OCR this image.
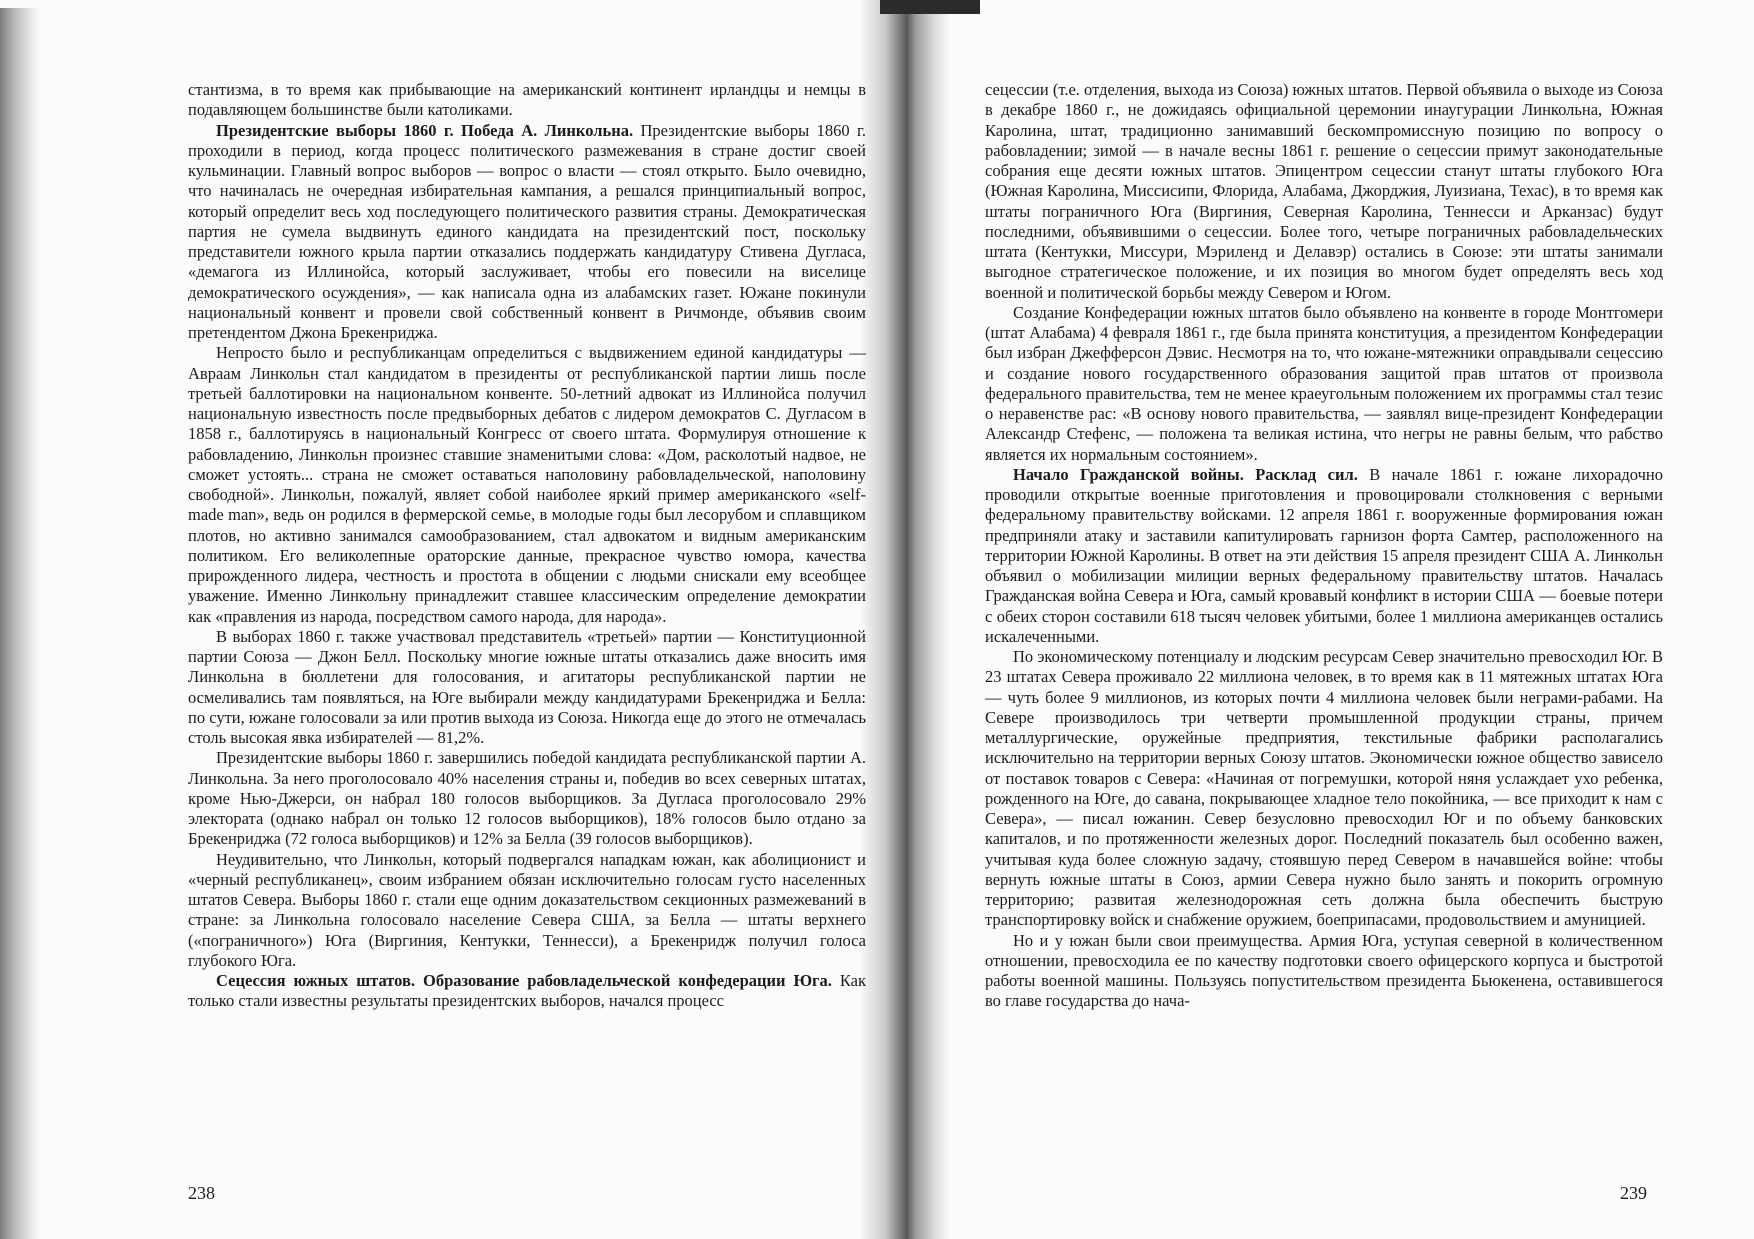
стантизма, в то время как прибывающие на американский континент ирландцы и немцы в подавляющем большинстве были католиками.

Президентские выборы 1860 г. Победа А. Линкольна. Президентские выборы 1860 г. проходили в период, когда процесс политического размежевания в стране достиг своей кульминации. Главный вопрос выборов — вопрос о власти — стоял открыто. Было очевидно, что начиналась не очередная избирательная кампания, а решался принципиальный вопрос, который определит весь ход последующего политического развития страны. Демократическая партия не сумела выдвинуть единого кандидата на президентский пост, поскольку представители южного крыла партии отказались поддержать кандидатуру Стивена Дугласа, «демагога из Иллинойса, который заслуживает, чтобы его повесили на виселице демократического осуждения», — как написала одна из алабамских газет. Южане покинули национальный конвент и провели свой собственный конвент в Ричмонде, объявив своим претендентом Джона Брекенриджа.

Непросто было и республиканцам определиться с выдвижением единой кандидатуры — Авраам Линкольн стал кандидатом в президенты от республиканской партии лишь после третьей баллотировки на национальном конвенте. 50-летний адвокат из Иллинойса получил национальную известность после предвыборных дебатов с лидером демократов С. Дугласом в 1858 г., баллотируясь в национальный Конгресс от своего штата. Формулируя отношение к рабовладению, Линкольн произнес ставшие знаменитыми слова: «Дом, расколотый надвое, не сможет устоять... страна не сможет оставаться наполовину рабовладельческой, наполовину свободной». Линкольн, пожалуй, являет собой наиболее яркий пример американского «self-made man», ведь он родился в фермерской семье, в молодые годы был лесорубом и сплавщиком плотов, но активно занимался самообразованием, стал адвокатом и видным американским политиком. Его великолепные ораторские данные, прекрасное чувство юмора, качества прирожденного лидера, честность и простота в общении с людьми снискали ему всеобщее уважение. Именно Линкольну принадлежит ставшее классическим определение демократии как «правления из народа, посредством самого народа, для народа».

В выборах 1860 г. также участвовал представитель «третьей» партии — Конституционной партии Союза — Джон Белл. Поскольку многие южные штаты отказались даже вносить имя Линкольна в бюллетени для голосования, и агитаторы республиканской партии не осмеливались там появляться, на Юге выбирали между кандидатурами Брекенриджа и Белла: по сути, южане голосовали за или против выхода из Союза. Никогда еще до этого не отмечалась столь высокая явка избирателей — 81,2%.

Президентские выборы 1860 г. завершились победой кандидата республиканской партии А. Линкольна. За него проголосовало 40% населения страны и, победив во всех северных штатах, кроме Нью-Джерси, он набрал 180 голосов выборщиков. За Дугласа проголосовало 29% электората (однако набрал он только 12 голосов выборщиков), 18% голосов было отдано за Брекенриджа (72 голоса выборщиков) и 12% за Белла (39 голосов выборщиков).

Неудивительно, что Линкольн, который подвергался нападкам южан, как аболиционист и «черный республиканец», своим избранием обязан исключительно голосам густо населенных штатов Севера. Выборы 1860 г. стали еще одним доказательством секционных размежеваний в стране: за Линкольна голосовало население Севера США, за Белла — штаты верхнего («пограничного») Юга (Виргиния, Кентукки, Теннесси), а Брекенридж получил голоса глубокого Юга.

Сецессия южных штатов. Образование рабовладельческой конфедерации Юга. Как только стали известны результаты президентских выборов, начался процесс

238

сецессии (т.е. отделения, выхода из Союза) южных штатов. Первой объявила о выходе из Союза в декабре 1860 г., не дожидаясь официальной церемонии инаугурации Линкольна, Южная Каролина, штат, традиционно занимавший бескомпромиссную позицию по вопросу о рабовладении; зимой — в начале весны 1861 г. решение о сецессии примут законодательные собрания еще десяти южных штатов. Эпицентром сецессии станут штаты глубокого Юга (Южная Каролина, Миссисипи, Флорида, Алабама, Джорджия, Луизиана, Техас), в то время как штаты пограничного Юга (Виргиния, Северная Каролина, Теннесси и Арканзас) будут последними, объявившими о сецессии. Более того, четыре пограничных рабовладельческих штата (Кентукки, Миссури, Мэриленд и Делавэр) остались в Союзе: эти штаты занимали выгодное стратегическое положение, и их позиция во многом будет определять весь ход военной и политической борьбы между Севером и Югом.

Создание Конфедерации южных штатов было объявлено на конвенте в городе Монтгомери (штат Алабама) 4 февраля 1861 г., где была принята конституция, а президентом Конфедерации был избран Джефферсон Дэвис. Несмотря на то, что южане-мятежники оправдывали сецессию и создание нового государственного образования защитой прав штатов от произвола федерального правительства, тем не менее краеугольным положением их программы стал тезис о неравенстве рас: «В основу нового правительства, — заявлял вице-президент Конфедерации Александр Стефенс, — положена та великая истина, что негры не равны белым, что рабство является их нормальным состоянием».

Начало Гражданской войны. Расклад сил. В начале 1861 г. южане лихорадочно проводили открытые военные приготовления и провоцировали столкновения с верными федеральному правительству войсками. 12 апреля 1861 г. вооруженные формирования южан предприняли атаку и заставили капитулировать гарнизон форта Самтер, расположенного на территории Южной Каролины. В ответ на эти действия 15 апреля президент США А. Линкольн объявил о мобилизации милиции верных федеральному правительству штатов. Началась Гражданская война Севера и Юга, самый кровавый конфликт в истории США — боевые потери с обеих сторон составили 618 тысяч человек убитыми, более 1 миллиона американцев остались искалеченными.

По экономическому потенциалу и людским ресурсам Север значительно превосходил Юг. В 23 штатах Севера проживало 22 миллиона человек, в то время как в 11 мятежных штатах Юга — чуть более 9 миллионов, из которых почти 4 миллиона человек были неграми-рабами. На Севере производилось три четверти промышленной продукции страны, причем металлургические, оружейные предприятия, текстильные фабрики располагались исключительно на территории верных Союзу штатов. Экономически южное общество зависело от поставок товаров с Севера: «Начиная от погремушки, которой няня услаждает ухо ребенка, рожденного на Юге, до савана, покрывающее хладное тело покойника, — все приходит к нам с Севера», — писал южанин. Север безусловно превосходил Юг и по объему банковских капиталов, и по протяженности железных дорог. Последний показатель был особенно важен, учитывая куда более сложную задачу, стоявшую перед Севером в начавшейся войне: чтобы вернуть южные штаты в Союз, армии Севера нужно было занять и покорить огромную территорию; развитая железнодорожная сеть должна была обеспечить быструю транспортировку войск и снабжение оружием, боеприпасами, продовольствием и амуницией.

Но и у южан были свои преимущества. Армия Юга, уступая северной в количественном отношении, превосходила ее по качеству подготовки своего офицерского корпуса и быстротой работы военной машины. Пользуясь попустительством президента Бьюкенена, оставившегося во главе государства до нача-

239
